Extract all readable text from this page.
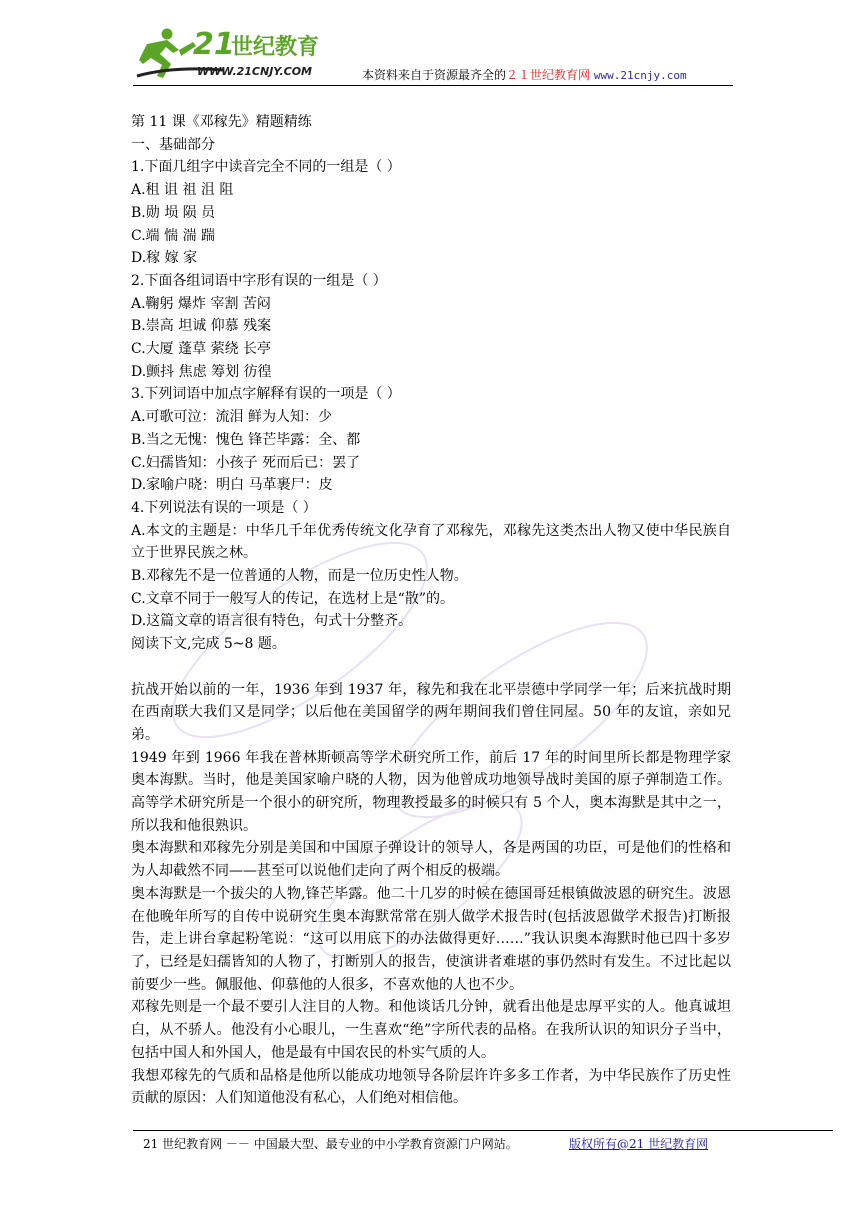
21
世纪教育
WWW.21CNJY.COM	本资料来自于资源最齐全的２１世纪教育网 www.21cnjy.com

第 11 课《邓稼先》精题精练

一、基础部分

1.下面几组字中读音完全不同的一组是（ ）

A.租 诅 祖 沮 阻

B.勋 埙 陨 员

C.端 惴 湍 踹

D.稼 嫁 家

2.下面各组词语中字形有误的一组是（ ）

A.鞠躬 爆炸 宰割 苦闷

B.崇高 坦诚 仰慕 残案

C.大厦 蓬草 萦绕 长亭

D.颤抖 焦虑 筹划 彷徨

3.下列词语中加点字解释有误的一项是（ ）

A.可歌可泣：流泪 鲜为人知：少

B.当之无愧：愧色 锋芒毕露：全、都

C.妇孺皆知：小孩子 死而后已：罢了

D.家喻户晓：明白 马革裹尸：皮

4.下列说法有误的一项是（ ）

A.本文的主题是：中华几千年优秀传统文化孕育了邓稼先，邓稼先这类杰出人物又使中华民族自立于世界民族之林。

B.邓稼先不是一位普通的人物，而是一位历史性人物。

C.文章不同于一般写人的传记，在选材上是“散”的。

D.这篇文章的语言很有特色，句式十分整齐。

阅读下文,完成 5~8 题。

抗战开始以前的一年，1936 年到 1937 年，稼先和我在北平崇德中学同学一年；后来抗战时期在西南联大我们又是同学；以后他在美国留学的两年期间我们曾住同屋。50 年的友谊，亲如兄弟。

1949 年到 1966 年我在普林斯顿高等学术研究所工作，前后 17 年的时间里所长都是物理学家奥本海默。当时，他是美国家喻户晓的人物，因为他曾成功地领导战时美国的原子弹制造工作。高等学术研究所是一个很小的研究所，物理教授最多的时候只有 5 个人，奥本海默是其中之一，所以我和他很熟识。

奥本海默和邓稼先分别是美国和中国原子弹设计的领导人，各是两国的功臣，可是他们的性格和为人却截然不同——甚至可以说他们走向了两个相反的极端。

奥本海默是一个拔尖的人物,锋芒毕露。他二十几岁的时候在德国哥廷根镇做波恩的研究生。波恩在他晚年所写的自传中说研究生奥本海默常常在别人做学术报告时(包括波恩做学术报告)打断报告，走上讲台拿起粉笔说：“这可以用底下的办法做得更好……”我认识奥本海默时他已四十多岁了，已经是妇孺皆知的人物了，打断别人的报告，使演讲者难堪的事仍然时有发生。不过比起以前要少一些。佩服他、仰慕他的人很多，不喜欢他的人也不少。

邓稼先则是一个最不要引人注目的人物。和他谈话几分钟，就看出他是忠厚平实的人。他真诚坦白，从不骄人。他没有小心眼儿，一生喜欢“绝”字所代表的品格。在我所认识的知识分子当中，包括中国人和外国人，他是最有中国农民的朴实气质的人。

我想邓稼先的气质和品格是他所以能成功地领导各阶层许许多多工作者，为中华民族作了历史性贡献的原因：人们知道他没有私心，人们绝对相信他。

21 世纪教育网 －－ 中国最大型、最专业的中小学教育资源门户网站。	版权所有@21 世纪教育网
